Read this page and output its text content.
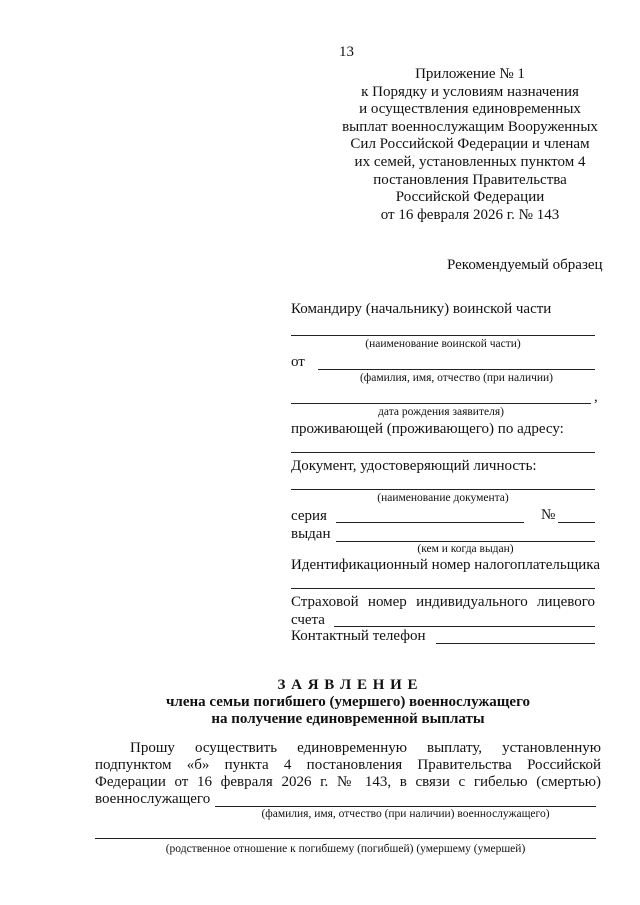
13
Приложение № 1
к Порядку и условиям назначения
и осуществления единовременных
выплат военнослужащим Вооруженных
Сил Российской Федерации и членам
их семей, установленных пунктом 4
постановления Правительства
Российской Федерации
от 16 февраля 2026 г. № 143
Рекомендуемый образец
Командиру (начальнику) воинской части
(наименование воинской части)
от
(фамилия, имя, отчество (при наличии)
,
дата рождения заявителя)
проживающей (проживающего) по адресу:
Документ, удостоверяющий личность:
(наименование документа)
серия	№
выдан
(кем и когда выдан)
Идентификационный номер налогоплательщика
Страховой номер индивидуального лицевого
счета
Контактный телефон
З А Я В Л Е Н И Е
члена семьи погибшего (умершего) военнослужащего
на получение единовременной выплаты
Прошу осуществить единовременную выплату, установленную
подпунктом «б» пункта 4 постановления Правительства Российской
Федерации от 16 февраля 2026 г. № 143, в связи с гибелью (смертью)
военнослужащего
(фамилия, имя, отчество (при наличии) военнослужащего)
(родственное отношение к погибшему (погибшей) (умершему (умершей)
